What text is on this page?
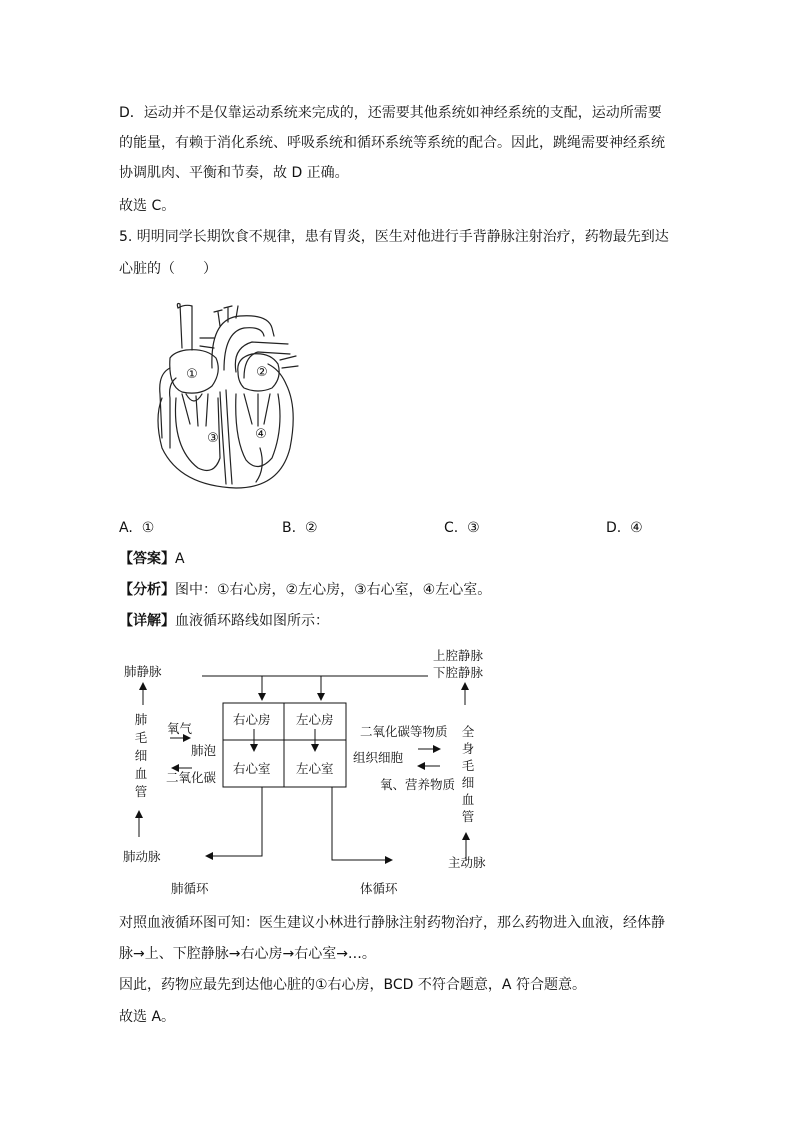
D．运动并不是仅靠运动系统来完成的，还需要其他系统如神经系统的支配，运动所需要
的能量，有赖于消化系统、呼吸系统和循环系统等系统的配合。因此，跳绳需要神经系统
协调肌肉、平衡和节奏，故 D 正确。
故选 C。
5. 明明同学长期饮食不规律，患有胃炎，医生对他进行手背静脉注射治疗，药物最先到达
心脏的（　　）
①	②
③	④
A. ①	B. ②	C. ③	D. ④
【答案】A
【分析】图中：①右心房，②左心房，③右心室，④左心室。
【详解】血液循环路线如图所示：
肺静脉
肺
毛
细
血
管
氧气
肺泡
二氧化碳
肺动脉
肺循环
右心房 左心房
右心室 左心室
上腔静脉
下腔静脉
二氧化碳等物质
组织细胞
氧、营养物质
全
身
毛
细
血
管
主动脉
体循环
对照血液循环图可知：医生建议小林进行静脉注射药物治疗，那么药物进入血液，经体静
脉→上、下腔静脉→右心房→右心室→…。
因此，药物应最先到达他心脏的①右心房，BCD 不符合题意，A 符合题意。
故选 A。
